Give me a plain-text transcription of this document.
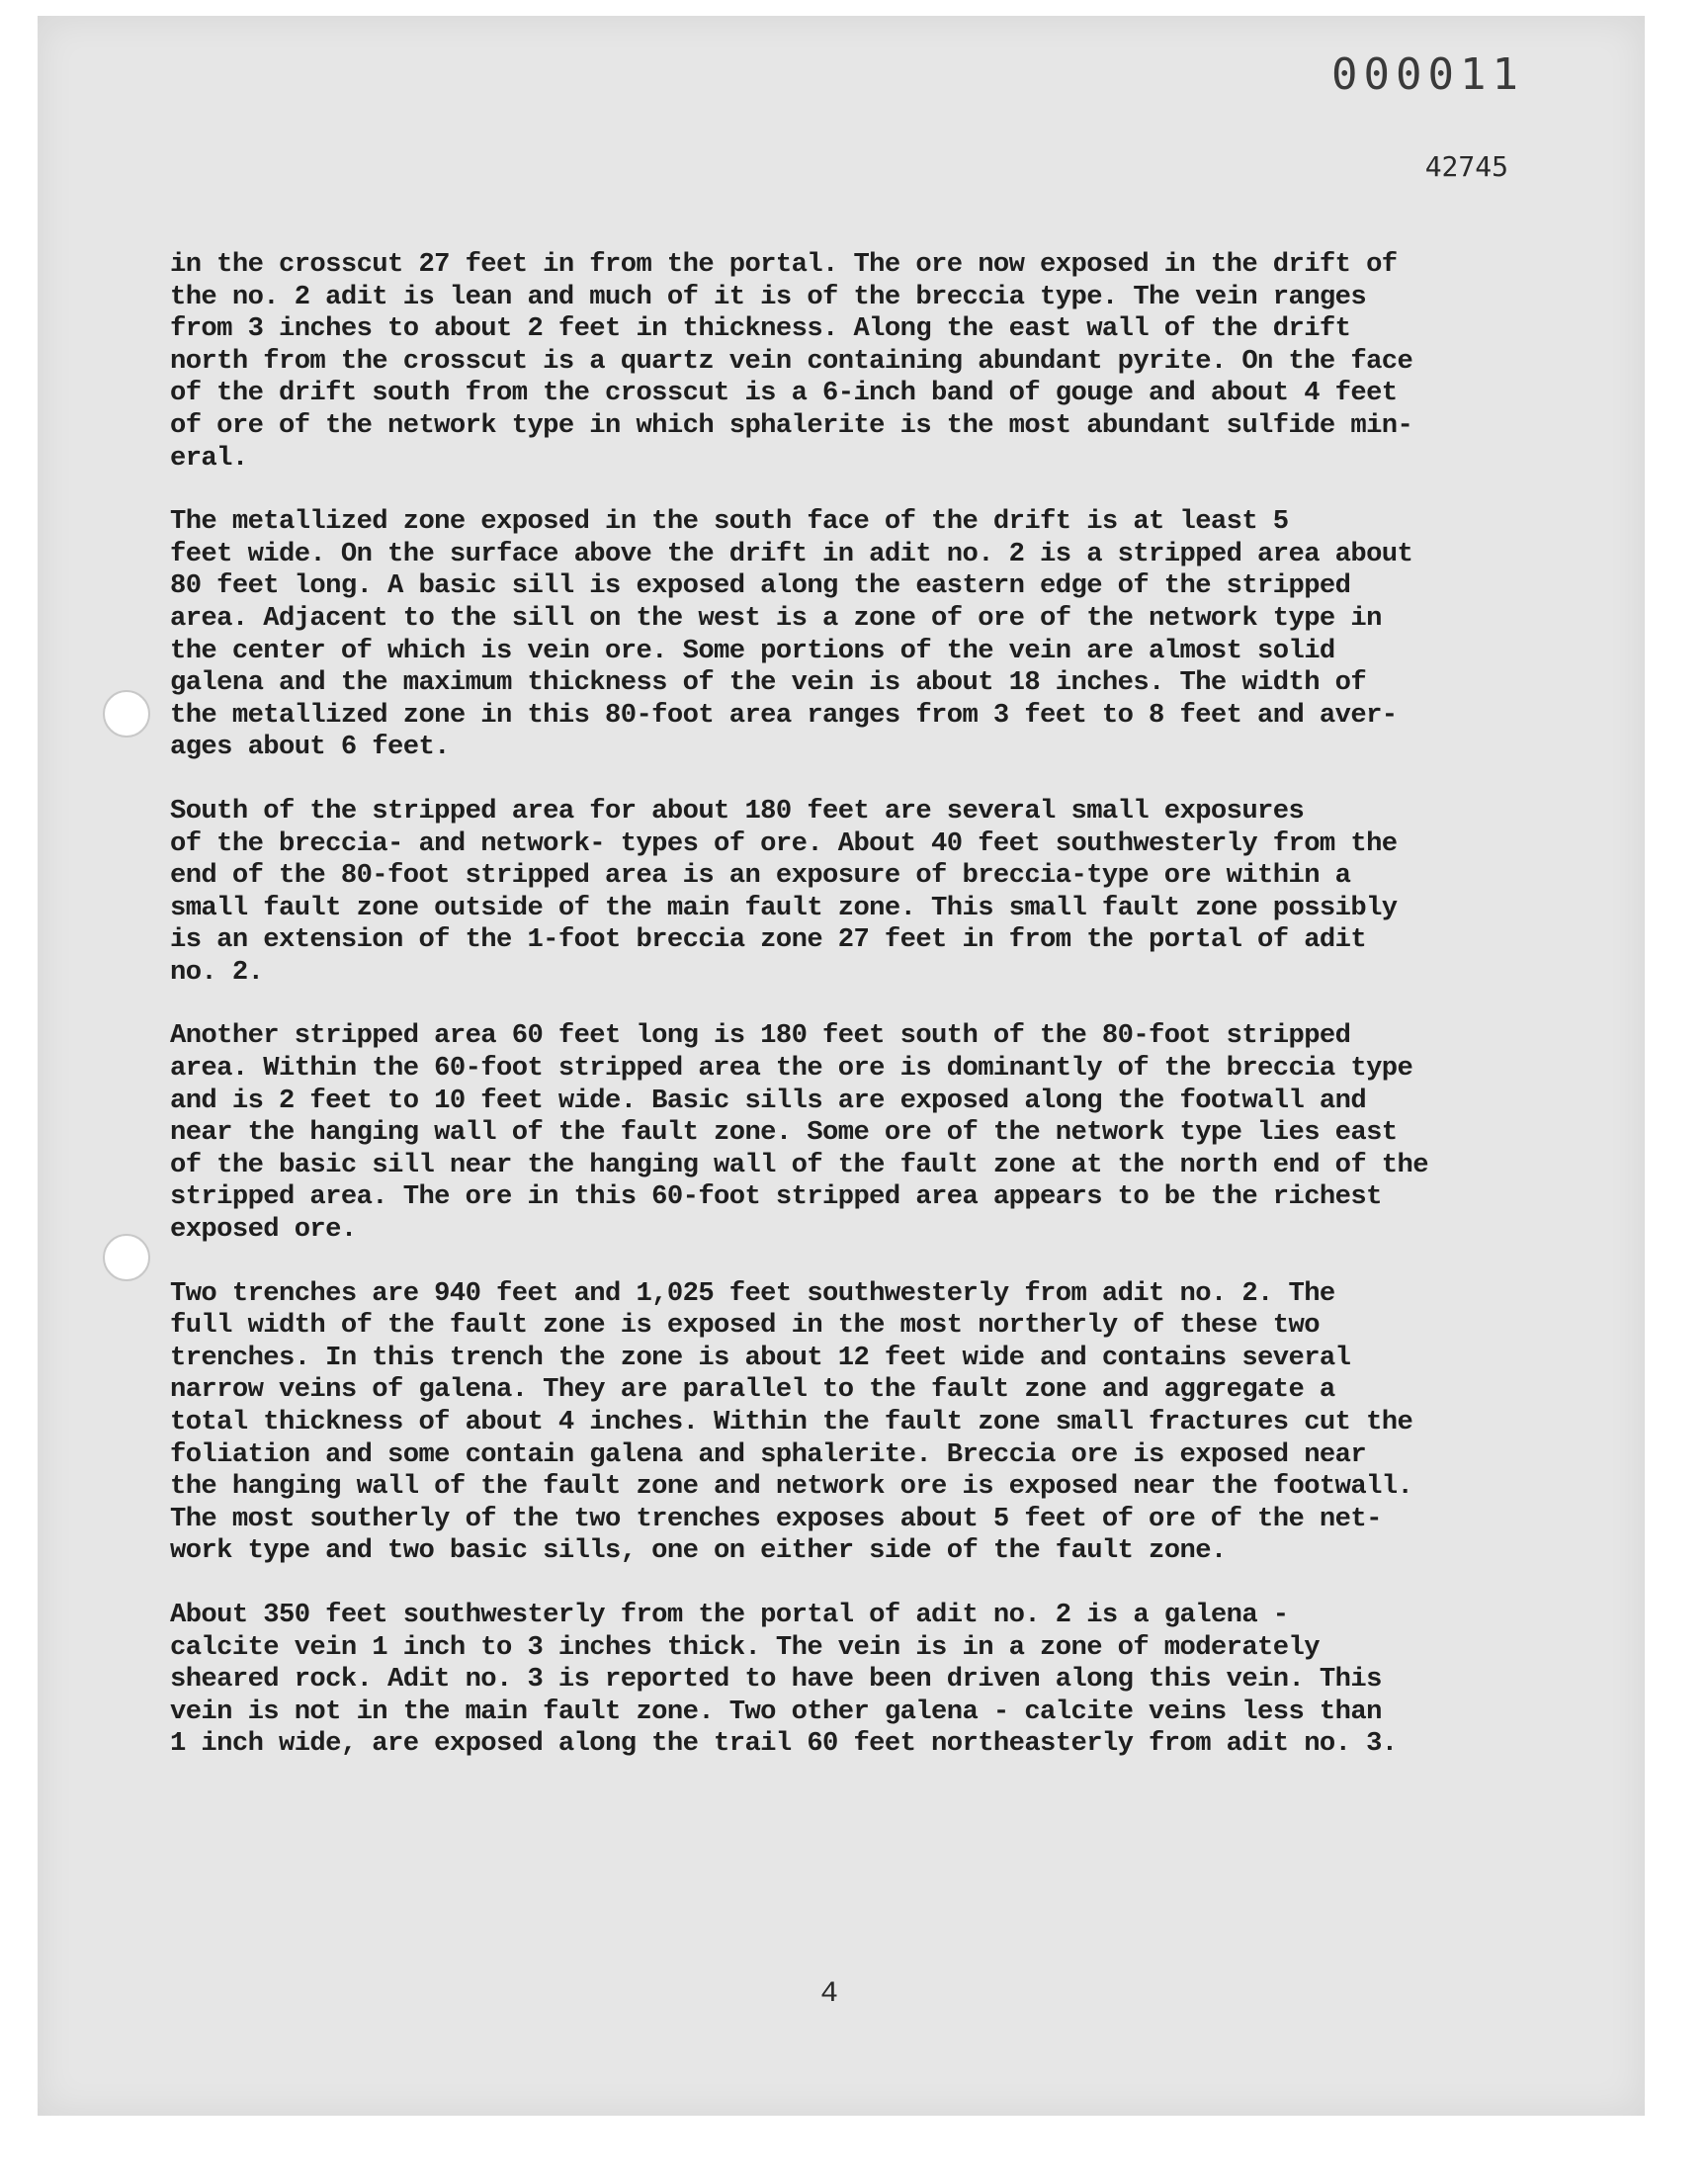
000011
42745

in the crosscut 27 feet in from the portal. The ore now exposed in the drift of
the no. 2 adit is lean and much of it is of the breccia type. The vein ranges
from 3 inches to about 2 feet in thickness. Along the east wall of the drift
north from the crosscut is a quartz vein containing abundant pyrite. On the face
of the drift south from the crosscut is a 6-inch band of gouge and about 4 feet
of ore of the network type in which sphalerite is the most abundant sulfide min-
eral.

The metallized zone exposed in the south face of the drift is at least 5
feet wide. On the surface above the drift in adit no. 2 is a stripped area about
80 feet long. A basic sill is exposed along the eastern edge of the stripped
area. Adjacent to the sill on the west is a zone of ore of the network type in
the center of which is vein ore. Some portions of the vein are almost solid
galena and the maximum thickness of the vein is about 18 inches. The width of
the metallized zone in this 80-foot area ranges from 3 feet to 8 feet and aver-
ages about 6 feet.

South of the stripped area for about 180 feet are several small exposures
of the breccia- and network- types of ore. About 40 feet southwesterly from the
end of the 80-foot stripped area is an exposure of breccia-type ore within a
small fault zone outside of the main fault zone. This small fault zone possibly
is an extension of the 1-foot breccia zone 27 feet in from the portal of adit
no. 2.

Another stripped area 60 feet long is 180 feet south of the 80-foot stripped
area. Within the 60-foot stripped area the ore is dominantly of the breccia type
and is 2 feet to 10 feet wide. Basic sills are exposed along the footwall and
near the hanging wall of the fault zone. Some ore of the network type lies east
of the basic sill near the hanging wall of the fault zone at the north end of the
stripped area. The ore in this 60-foot stripped area appears to be the richest
exposed ore.

Two trenches are 940 feet and 1,025 feet southwesterly from adit no. 2. The
full width of the fault zone is exposed in the most northerly of these two
trenches. In this trench the zone is about 12 feet wide and contains several
narrow veins of galena. They are parallel to the fault zone and aggregate a
total thickness of about 4 inches. Within the fault zone small fractures cut the
foliation and some contain galena and sphalerite. Breccia ore is exposed near
the hanging wall of the fault zone and network ore is exposed near the footwall.
The most southerly of the two trenches exposes about 5 feet of ore of the net-
work type and two basic sills, one on either side of the fault zone.

About 350 feet southwesterly from the portal of adit no. 2 is a galena -
calcite vein 1 inch to 3 inches thick. The vein is in a zone of moderately
sheared rock. Adit no. 3 is reported to have been driven along this vein. This
vein is not in the main fault zone. Two other galena - calcite veins less than
1 inch wide, are exposed along the trail 60 feet northeasterly from adit no. 3.

4
